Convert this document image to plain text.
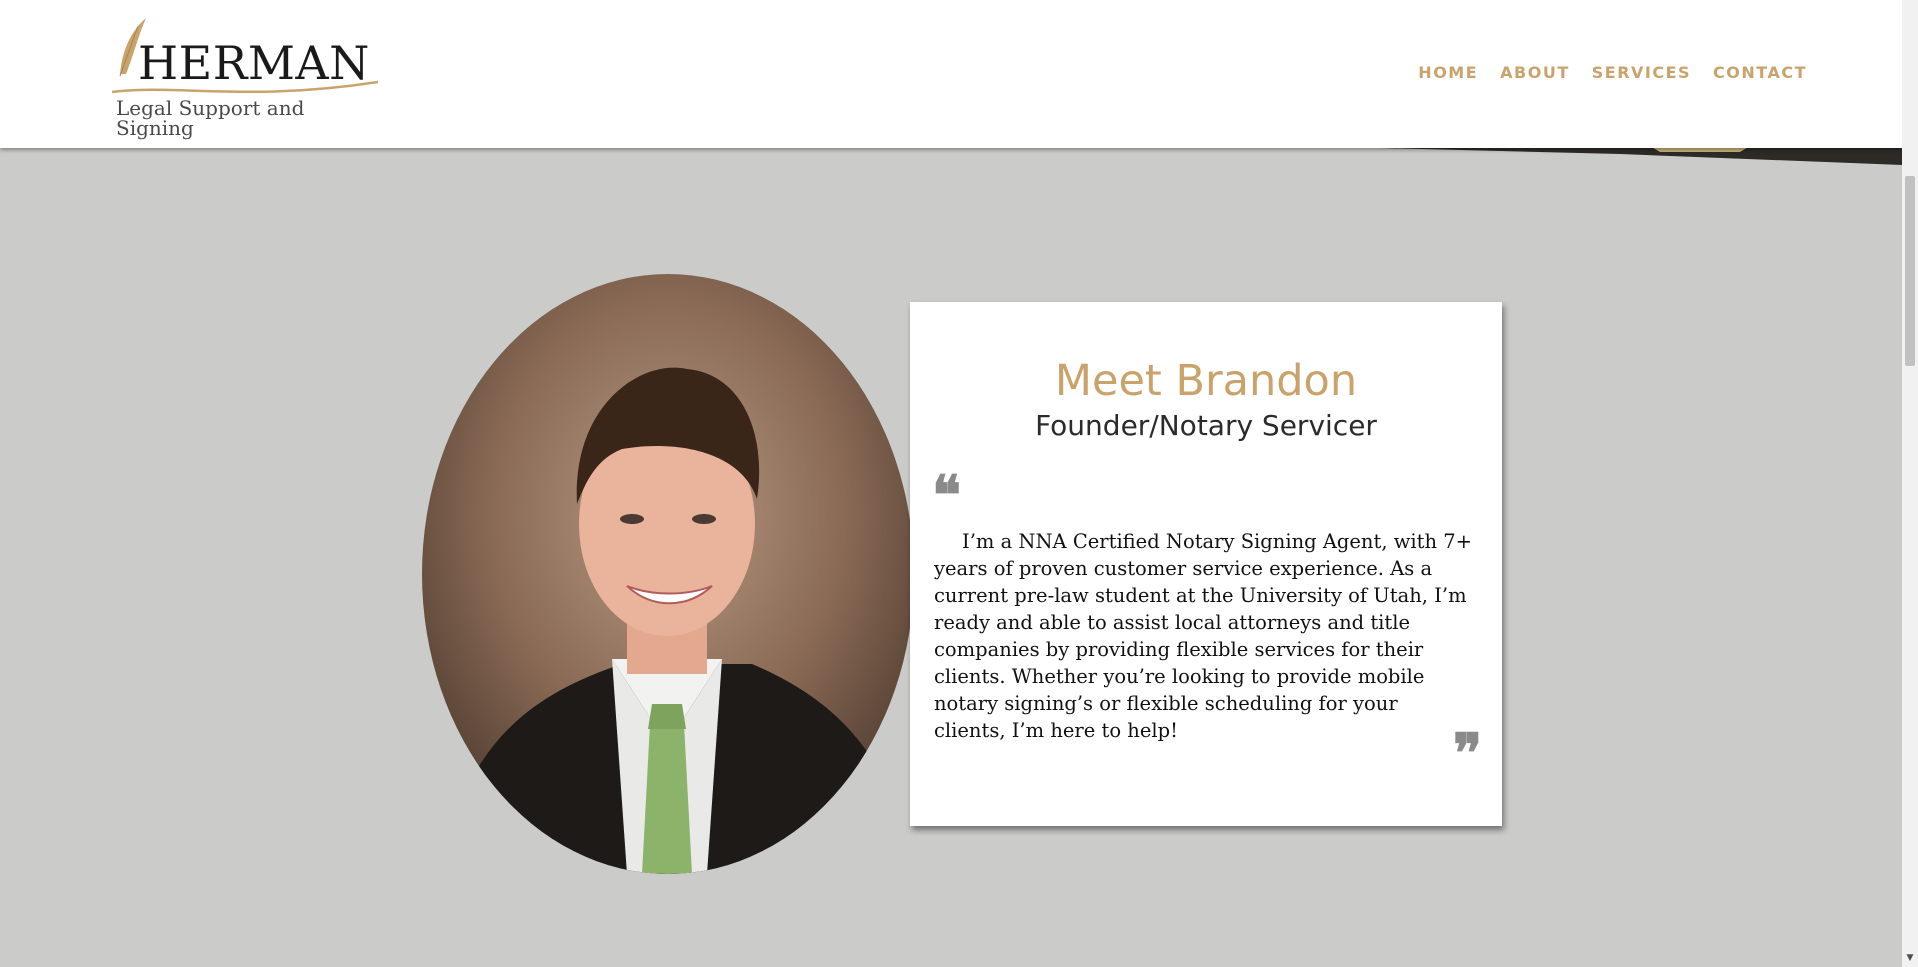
HERMAN
Legal Support and Signing
HOME ABOUT SERVICES CONTACT
Meet Brandon
Founder/Notary Servicer
❝

I’m a NNA Certified Notary Signing Agent, with 7+ years of proven customer service experience. As a current pre-law student at the University of Utah, I’m ready and able to assist local attorneys and title companies by providing flexible services for their clients. Whether you’re looking to provide mobile notary signing’s or flexible scheduling for your clients, I’m here to help!	❞
▼
